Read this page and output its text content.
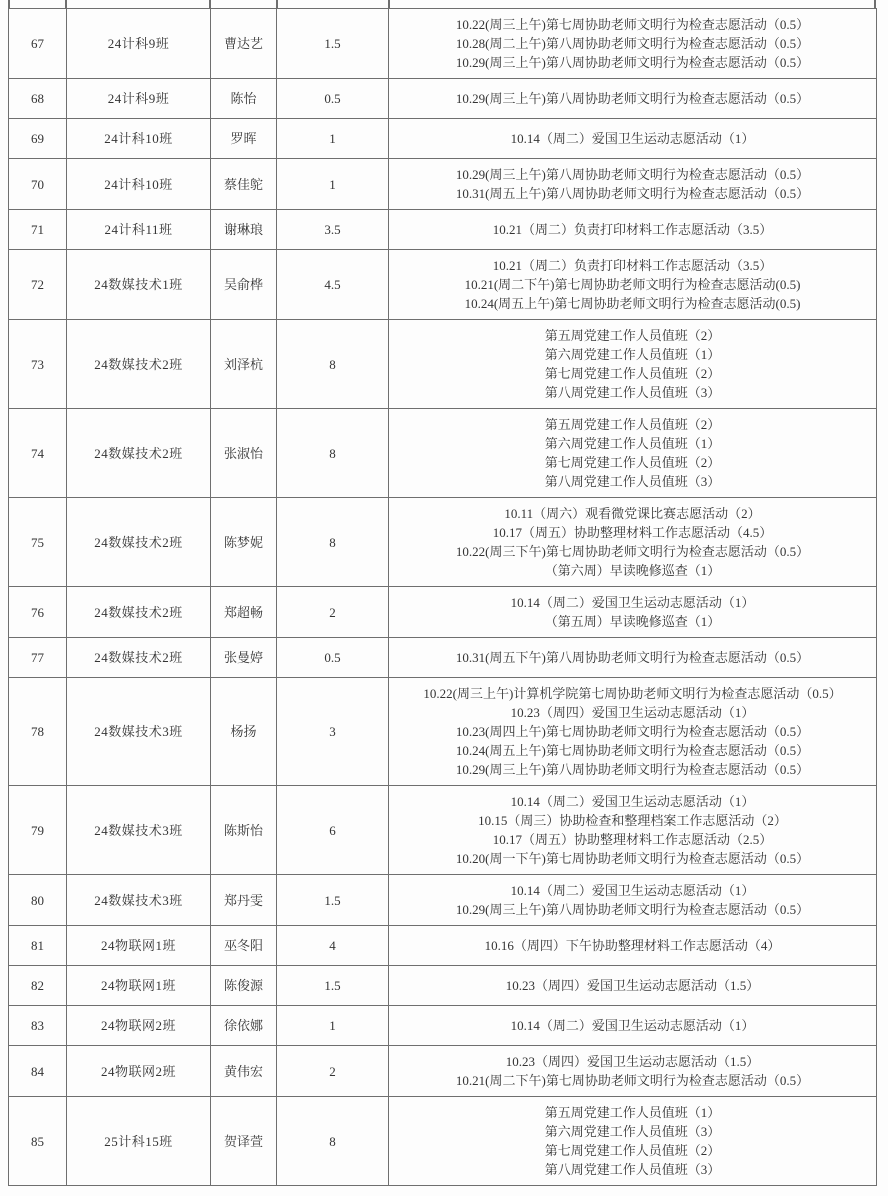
67	24计科9班	曹达艺	1.5	10.22(周三上午)第七周协助老师文明行为检查志愿活动（0.5）
10.28(周二上午)第八周协助老师文明行为检查志愿活动（0.5）
10.29(周三上午)第八周协助老师文明行为检查志愿活动（0.5）

68	24计科9班	陈怡	0.5	10.29(周三上午)第八周协助老师文明行为检查志愿活动（0.5）

69	24计科10班	罗晖	1	10.14（周二）爱国卫生运动志愿活动（1）

70	24计科10班	蔡佳鸵	1	10.29(周三上午)第八周协助老师文明行为检查志愿活动（0.5）
10.31(周五上午)第八周协助老师文明行为检查志愿活动（0.5）

71	24计科11班	谢琳琅	3.5	10.21（周二）负责打印材料工作志愿活动（3.5）

72	24数媒技术1班	吴俞桦	4.5	10.21（周二）负责打印材料工作志愿活动（3.5）
10.21(周二下午)第七周协助老师文明行为检查志愿活动(0.5)
10.24(周五上午)第七周协助老师文明行为检查志愿活动(0.5)

73	24数媒技术2班	刘泽杭	8	第五周党建工作人员值班（2）
第六周党建工作人员值班（1）
第七周党建工作人员值班（2）
第八周党建工作人员值班（3）

74	24数媒技术2班	张淑怡	8	第五周党建工作人员值班（2）
第六周党建工作人员值班（1）
第七周党建工作人员值班（2）
第八周党建工作人员值班（3）

75	24数媒技术2班	陈梦妮	8	10.11（周六）观看微党课比赛志愿活动（2）
10.17（周五）协助整理材料工作志愿活动（4.5）
10.22(周三下午)第七周协助老师文明行为检查志愿活动（0.5）
（第六周）早读晚修巡查（1）

76	24数媒技术2班	郑超畅	2	10.14（周二）爱国卫生运动志愿活动（1）
（第五周）早读晚修巡查（1）

77	24数媒技术2班	张曼婷	0.5	10.31(周五下午)第八周协助老师文明行为检查志愿活动（0.5）

78	24数媒技术3班	杨扬	3	10.22(周三上午)计算机学院第七周协助老师文明行为检查志愿活动（0.5）
10.23（周四）爱国卫生运动志愿活动（1）
10.23(周四上午)第七周协助老师文明行为检查志愿活动（0.5）
10.24(周五上午)第七周协助老师文明行为检查志愿活动（0.5）
10.29(周三上午)第八周协助老师文明行为检查志愿活动（0.5）

79	24数媒技术3班	陈斯怡	6	10.14（周二）爱国卫生运动志愿活动（1）
10.15（周三）协助检查和整理档案工作志愿活动（2）
10.17（周五）协助整理材料工作志愿活动（2.5）
10.20(周一下午)第七周协助老师文明行为检查志愿活动（0.5）

80	24数媒技术3班	郑丹雯	1.5	10.14（周二）爱国卫生运动志愿活动（1）
10.29(周三上午)第八周协助老师文明行为检查志愿活动（0.5）

81	24物联网1班	巫冬阳	4	10.16（周四）下午协助整理材料工作志愿活动（4）

82	24物联网1班	陈俊源	1.5	10.23（周四）爱国卫生运动志愿活动（1.5）

83	24物联网2班	徐依娜	1	10.14（周二）爱国卫生运动志愿活动（1）

84	24物联网2班	黄伟宏	2	10.23（周四）爱国卫生运动志愿活动（1.5）
10.21(周二下午)第七周协助老师文明行为检查志愿活动（0.5）

85	25计科15班	贺译萱	8	第五周党建工作人员值班（1）
第六周党建工作人员值班（3）
第七周党建工作人员值班（2）
第八周党建工作人员值班（3）
